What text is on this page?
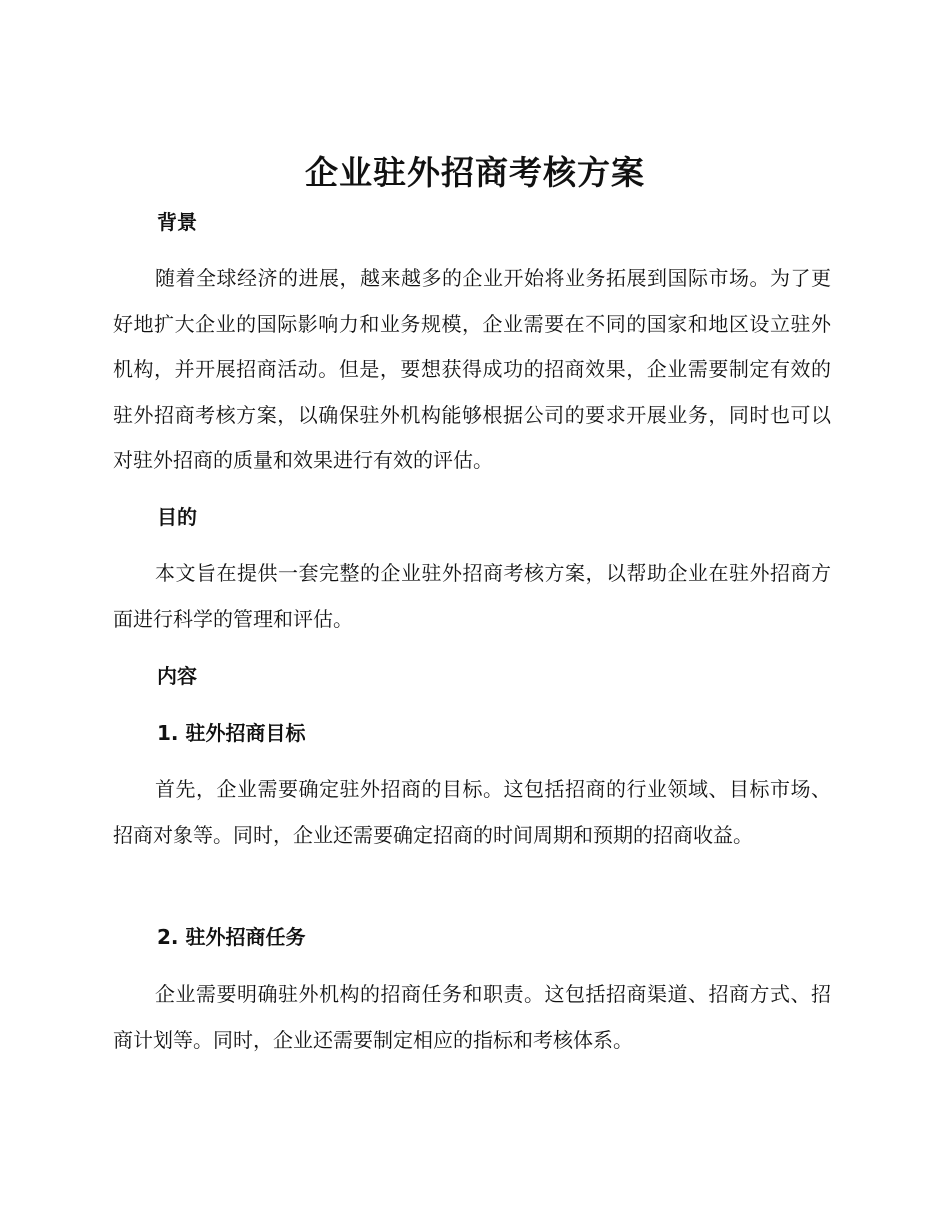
企业驻外招商考核方案
背景
随着全球经济的进展，越来越多的企业开始将业务拓展到国际市场。为了更好地扩大企业的国际影响力和业务规模，企业需要在不同的国家和地区设立驻外机构，并开展招商活动。但是，要想获得成功的招商效果，企业需要制定有效的驻外招商考核方案，以确保驻外机构能够根据公司的要求开展业务，同时也可以对驻外招商的质量和效果进行有效的评估。
目的
本文旨在提供一套完整的企业驻外招商考核方案，以帮助企业在驻外招商方面进行科学的管理和评估。
内容
1. 驻外招商目标
首先，企业需要确定驻外招商的目标。这包括招商的行业领域、目标市场、招商对象等。同时，企业还需要确定招商的时间周期和预期的招商收益。
2. 驻外招商任务
企业需要明确驻外机构的招商任务和职责。这包括招商渠道、招商方式、招商计划等。同时，企业还需要制定相应的指标和考核体系。
